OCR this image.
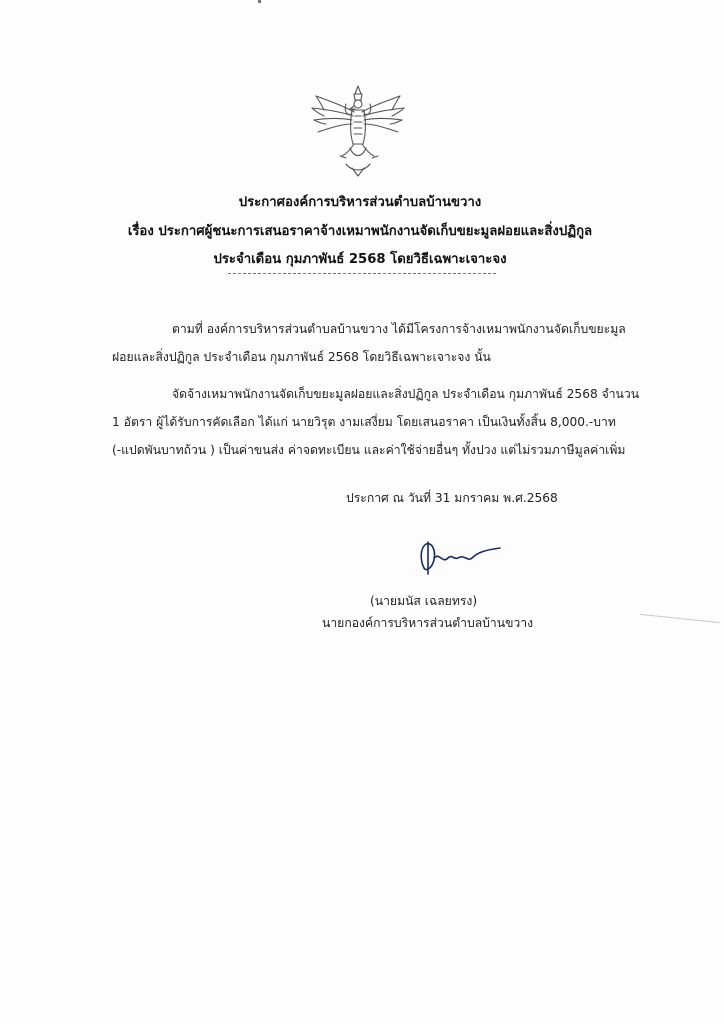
ประกาศองค์การบริหารส่วนตำบลบ้านขวาง
เรื่อง ประกาศผู้ชนะการเสนอราคาจ้างเหมาพนักงานจัดเก็บขยะมูลฝอยและสิ่งปฏิกูล
ประจำเดือน กุมภาพันธ์ 2568 โดยวิธีเฉพาะเจาะจง
ตามที่ องค์การบริหารส่วนตำบลบ้านขวาง ได้มีโครงการจ้างเหมาพนักงานจัดเก็บขยะมูล
ฝอยและสิ่งปฏิกูล ประจำเดือน กุมภาพันธ์ 2568 โดยวิธีเฉพาะเจาะจง นั้น
จัดจ้างเหมาพนักงานจัดเก็บขยะมูลฝอยและสิ่งปฏิกูล ประจำเดือน กุมภาพันธ์ 2568 จำนวน
1 อัตรา ผู้ได้รับการคัดเลือก ได้แก่ นายวิรุต งามเสงี่ยม โดยเสนอราคา เป็นเงินทั้งสิ้น 8,000.-บาท
(-แปดพันบาทถ้วน ) เป็นค่าขนส่ง ค่าจดทะเบียน และค่าใช้จ่ายอื่นๆ ทั้งปวง แต่ไม่รวมภาษีมูลค่าเพิ่ม
ประกาศ ณ วันที่ 31 มกราคม พ.ศ.2568
(นายมนัส เฉลยทรง)
นายกองค์การบริหารส่วนตำบลบ้านขวาง
